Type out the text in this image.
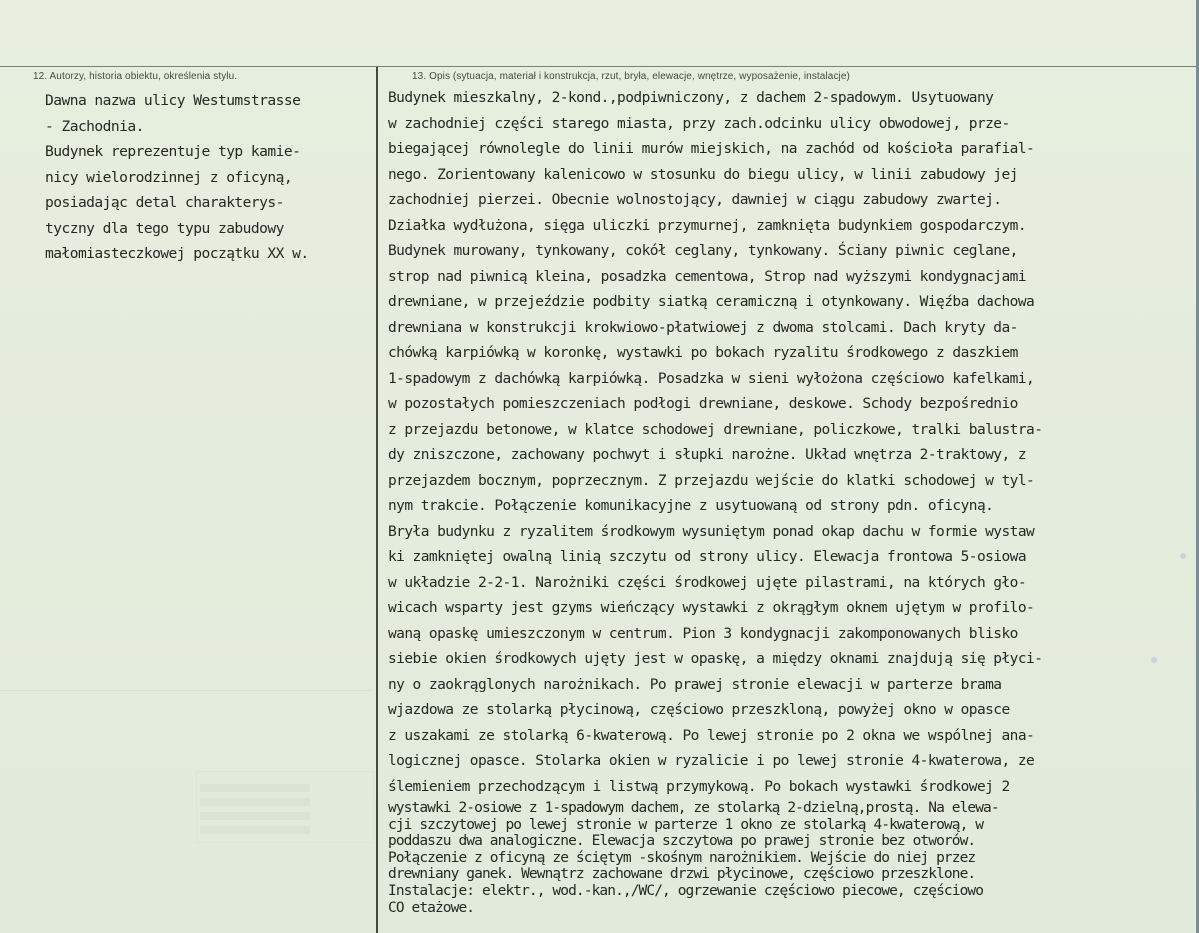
12. Autorzy, historia obiektu, określenia stylu.	13. Opis (sytuacja, materiał i konstrukcja, rzut, bryła, elewacje, wnętrze, wyposażenie, instalacje)
Dawna nazwa ulicy Westumstrasse
- Zachodnia.
Budynek reprezentuje typ kamie-
nicy wielorodzinnej z oficyną,
posiadając detal charakterys-
tyczny dla tego typu zabudowy
małomiasteczkowej początku XX w.
Budynek mieszkalny, 2-kond.,podpiwniczony, z dachem 2-spadowym. Usytuowany
w zachodniej części starego miasta, przy zach.odcinku ulicy obwodowej, prze-
biegającej równolegle do linii murów miejskich, na zachód od kościoła parafial-
nego. Zorientowany kalenicowo w stosunku do biegu ulicy, w linii zabudowy jej
zachodniej pierzei. Obecnie wolnostojący, dawniej w ciągu zabudowy zwartej.
Działka wydłużona, sięga uliczki przymurnej, zamknięta budynkiem gospodarczym.
Budynek murowany, tynkowany, cokół ceglany, tynkowany. Ściany piwnic ceglane,
strop nad piwnicą kleina, posadzka cementowa, Strop nad wyższymi kondygnacjami
drewniane, w przejeździe podbity siatką ceramiczną i otynkowany. Więźba dachowa
drewniana w konstrukcji krokwiowo-płatwiowej z dwoma stolcami. Dach kryty da-
chówką karpiówką w koronkę, wystawki po bokach ryzalitu środkowego z daszkiem
1-spadowym z dachówką karpiówką. Posadzka w sieni wyłożona częściowo kafelkami,
w pozostałych pomieszczeniach podłogi drewniane, deskowe. Schody bezpośrednio
z przejazdu betonowe, w klatce schodowej drewniane, policzkowe, tralki balustra-
dy zniszczone, zachowany pochwyt i słupki narożne. Układ wnętrza 2-traktowy, z
przejazdem bocznym, poprzecznym. Z przejazdu wejście do klatki schodowej w tyl-
nym trakcie. Połączenie komunikacyjne z usytuowaną od strony pdn. oficyną.
Bryła budynku z ryzalitem środkowym wysuniętym ponad okap dachu w formie wystaw
ki zamkniętej owalną linią szczytu od strony ulicy. Elewacja frontowa 5-osiowa
w układzie 2-2-1. Narożniki części środkowej ujęte pilastrami, na których gło-
wicach wsparty jest gzyms wieńczący wystawki z okrągłym oknem ujętym w profilo-
waną opaskę umieszczonym w centrum. Pion 3 kondygnacji zakomponowanych blisko
siebie okien środkowych ujęty jest w opaskę, a między oknami znajdują się płyci-
ny o zaokrąglonych narożnikach. Po prawej stronie elewacji w parterze brama
wjazdowa ze stolarką płycinową, częściowo przeszkloną, powyżej okno w opasce
z uszakami ze stolarką 6-kwaterową. Po lewej stronie po 2 okna we wspólnej ana-
logicznej opasce. Stolarka okien w ryzalicie i po lewej stronie 4-kwaterowa, ze
ślemieniem przechodzącym i listwą przymykową. Po bokach wystawki środkowej 2
wystawki 2-osiowe z 1-spadowym dachem, ze stolarką 2-dzielną,prostą. Na elewa-
cji szczytowej po lewej stronie w parterze 1 okno ze stolarką 4-kwaterową, w
poddaszu dwa analogiczne. Elewacja szczytowa po prawej stronie bez otworów.
Połączenie z oficyną ze ściętym -skośnym narożnikiem. Wejście do niej przez
drewniany ganek. Wewnątrz zachowane drzwi płycinowe, częściowo przeszklone.
Instalacje: elektr., wod.-kan.,/WC/, ogrzewanie częściowo piecowe, częściowo
CO etażowe.
